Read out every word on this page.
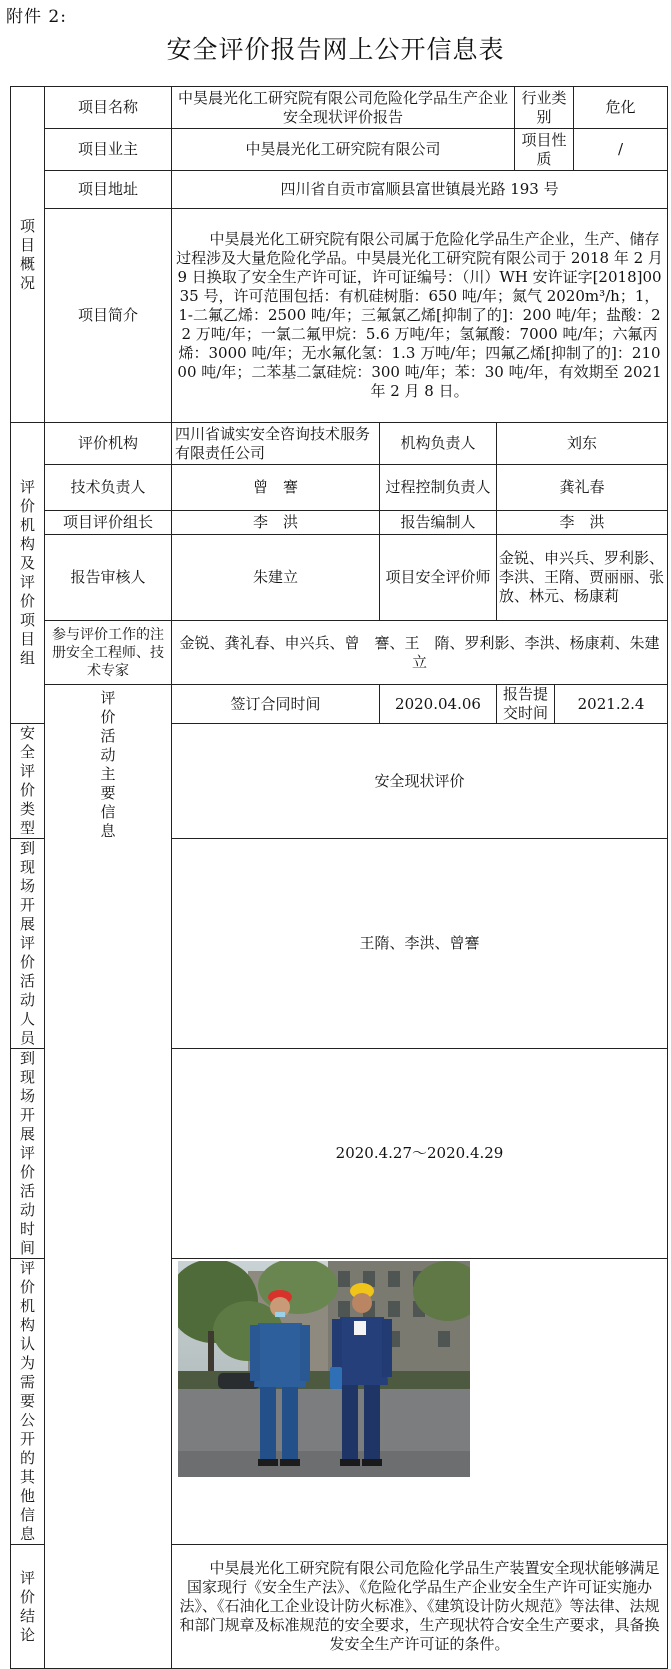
附件 2:
安全评价报告网上公开信息表
项目概况	项目名称	中昊晨光化工研究院有限公司危险化学品生产企业安全现状评价报告			行业类别		危化
	项目业主	中昊晨光化工研究院有限公司			项目性质		/
	项目地址	四川省自贡市富顺县富世镇晨光路 193 号					
	项目简介	中昊晨光化工研究院有限公司属于危险化学品生产企业，生产、储存过程涉及大量危险化学品。中昊晨光化工研究院有限公司于 2018 年 2 月 9 日换取了安全生产许可证，许可证编号：（川）WH 安许证字[2018]0035 号，许可范围包括：有机硅树脂：650 吨/年；氮气 2020m³/h；1，1-二氟乙烯：2500 吨/年；三氟氯乙烯[抑制了的]：200 吨/年；盐酸：22 万吨/年；一氯二氟甲烷：5.6 万吨/年；氢氟酸：7000 吨/年；六氟丙烯：3000 吨/年；无水氟化氢：1.3 万吨/年；四氟乙烯[抑制了的]：21000 吨/年；二苯基二氯硅烷：300 吨/年；苯：30 吨/年，有效期至 2021 年 2 月 8 日。					

评价机构及评价项目组	评价机构	四川省诚实安全咨询技术服务有限责任公司	机构负责人	刘东			
	技术负责人	曾　謇	过程控制负责人	龚礼春			
	项目评价组长	李　洪	报告编制人	李　洪			
	报告审核人	朱建立	项目安全评价师	金锐、申兴兵、罗利影、李洪、王隋、贾丽丽、张放、林元、杨康莉			
	参与评价工作的注册安全工程师、技术专家	金锐、龚礼春、申兴兵、曾　謇、王　隋、罗利影、李洪、杨康莉、朱建立					

	评价活动主要信息	签订合同时间	2020.04.06	报告提交时间		2021.2.4	
安全评价类型		安全现状评价					
到现场开展评价活动人员		王隋、李洪、曾謇					
到现场开展评价活动时间		2020.4.27～2020.4.29					
评价机构认为需要公开的其他信息	

评价结论		中昊晨光化工研究院有限公司危险化学品生产装置安全现状能够满足国家现行《安全生产法》、《危险化学品生产企业安全生产许可证实施办法》、《石油化工企业设计防火标准》、《建筑设计防火规范》等法律、法规和部门规章及标准规范的安全要求，生产现状符合安全生产要求，具备换发安全生产许可证的条件。					
